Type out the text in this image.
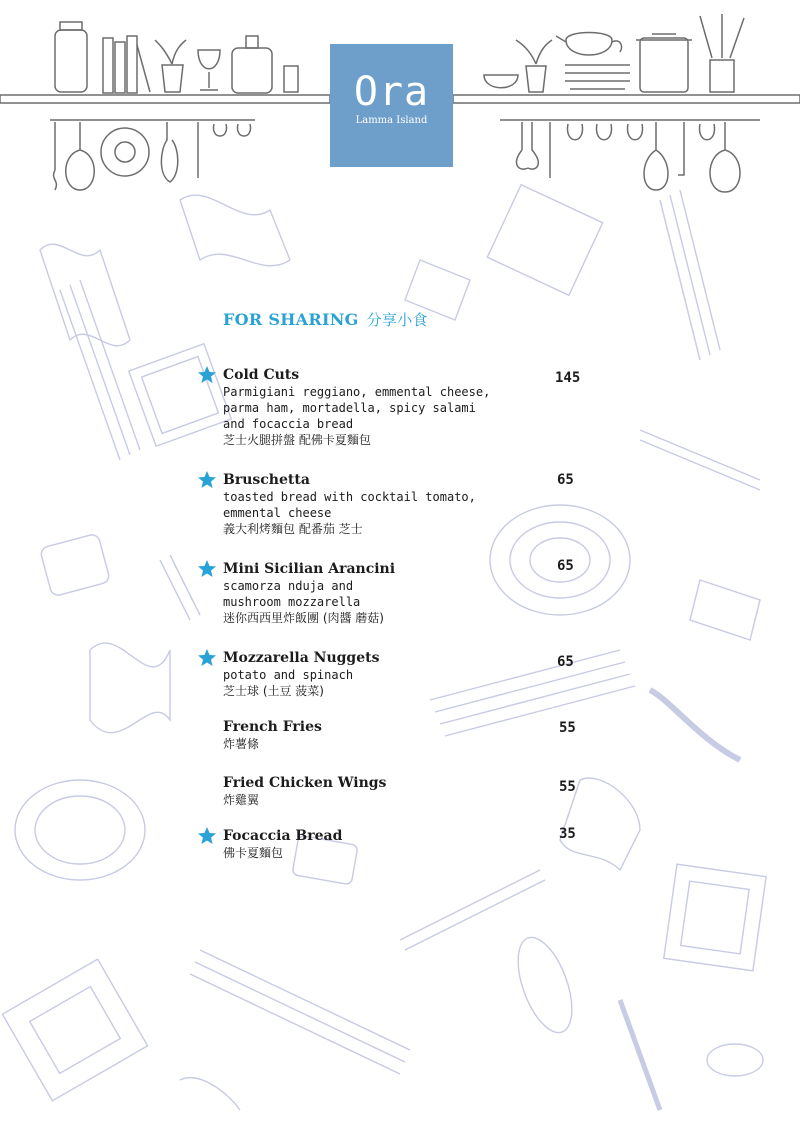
Ora
Lamma Island
FOR SHARING 分享小食
Cold Cuts
Parmigiani reggiano, emmental cheese,
parma ham, mortadella, spicy salami
and focaccia bread
芝士火腿拼盤 配佛卡夏麵包
145
Bruschetta
toasted bread with cocktail tomato,
emmental cheese
義大利烤麵包 配番茄 芝士
65
Mini Sicilian Arancini
scamorza nduja and
mushroom mozzarella
迷你西西里炸飯團 (肉醬 蘑菇)
65
Mozzarella Nuggets
potato and spinach
芝士球 (土豆 菠菜)
65
French Fries
炸薯條
55
Fried Chicken Wings
炸雞翼
55
Focaccia Bread
佛卡夏麵包
35
